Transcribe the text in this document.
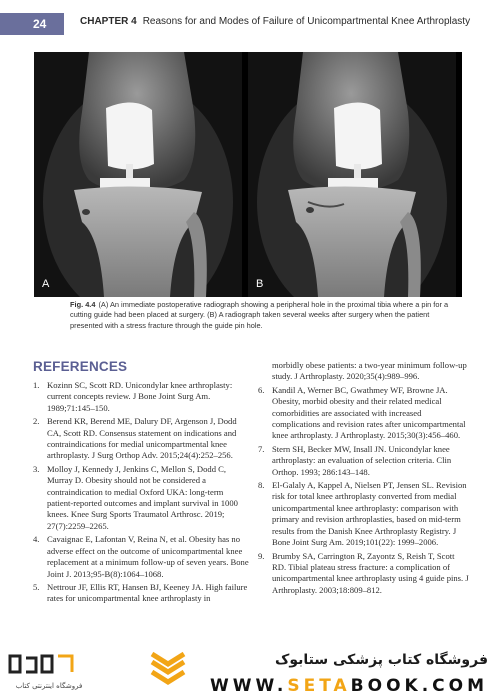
24	CHAPTER 4 Reasons for and Modes of Failure of Unicompartmental Knee Arthroplasty
A	B
Fig. 4.4 (A) An immediate postoperative radiograph showing a peripheral hole in the proximal tibia where a pin for a cutting guide had been placed at surgery. (B) A radiograph taken several weeks after surgery when the patient presented with a stress fracture through the guide pin hole.
REFERENCES
1. Kozinn SC, Scott RD. Unicondylar knee arthroplasty: current concepts review. J Bone Joint Surg Am. 1989;71:145–150.
2. Berend KR, Berend ME, Dalury DF, Argenson J, Dodd CA, Scott RD. Consensus statement on indications and contraindications for medial unicompartmental knee arthroplasty. J Surg Orthop Adv. 2015;24(4):252–256.
3. Molloy J, Kennedy J, Jenkins C, Mellon S, Dodd C, Murray D. Obesity should not be considered a contraindication to medial Oxford UKA: long-term patient-reported outcomes and implant survival in 1000 knees. Knee Surg Sports Traumatol Arthrosc. 2019; 27(7):2259–2265.
4. Cavaignac E, Lafontan V, Reina N, et al. Obesity has no adverse effect on the outcome of unicompartmental knee replacement at a minimum follow-up of seven years. Bone Joint J. 2013;95-B(8):1064–1068.
5. Nettrour JF, Ellis RT, Hansen BJ, Keeney JA. High failure rates for unicompartmental knee arthroplasty in
morbidly obese patients: a two-year minimum follow-up study. J Arthroplasty. 2020;35(4):989–996.
6. Kandil A, Werner BC, Gwathmey WF, Browne JA. Obesity, morbid obesity and their related medical comorbidities are associated with increased complications and revision rates after unicompartmental knee arthroplasty. J Arthroplasty. 2015;30(3):456–460.
7. Stern SH, Becker MW, Insall JN. Unicondylar knee arthroplasty: an evaluation of selection criteria. Clin Orthop. 1993; 286:143–148.
8. El-Galaly A, Kappel A, Nielsen PT, Jensen SL. Revision risk for total knee arthroplasty converted from medial unicompartmental knee arthroplasty: comparison with primary and revision arthroplasties, based on mid-term results from the Danish Knee Arthroplasty Registry. J Bone Joint Surg Am. 2019;101(22): 1999–2006.
9. Brumby SA, Carrington R, Zayontz S, Reish T, Scott RD. Tibial plateau stress fracture: a complication of unicompartmental knee arthroplasty using 4 guide pins. J Arthroplasty. 2003;18:809–812.
فروشگاه اینترنتی کتاب
فروشگاه کتاب پزشکی ستابوک
WWW.SETABOOK.COM
